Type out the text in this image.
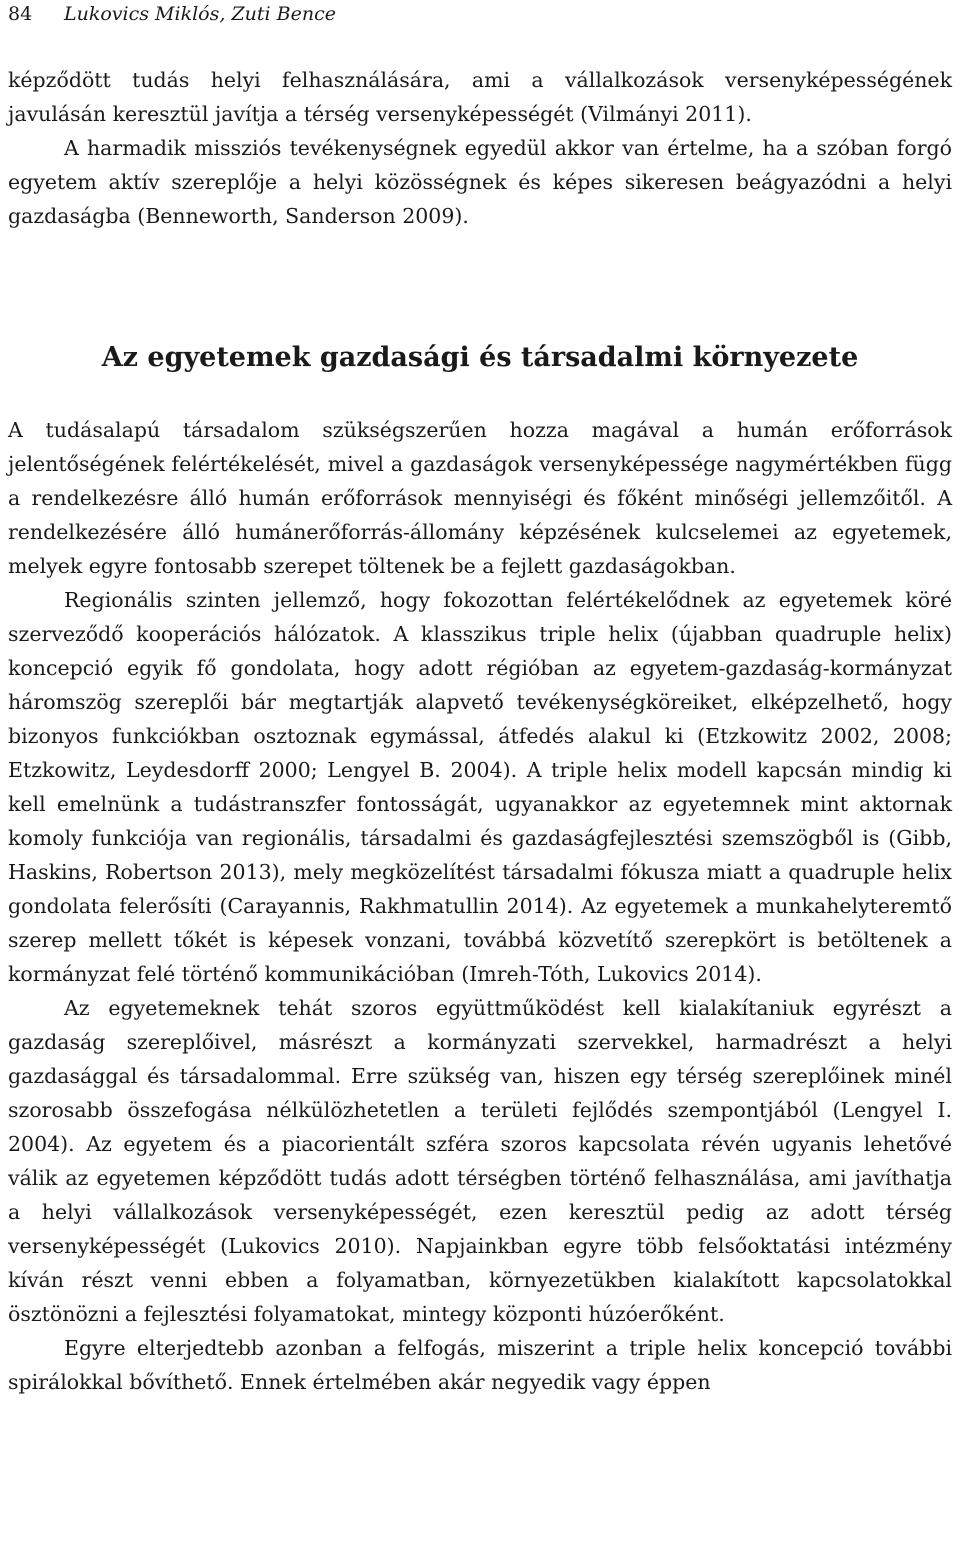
84 Lukovics Miklós, Zuti Bence

képződött tudás helyi felhasználására, ami a vállalkozások versenyképességének javulásán keresztül javítja a térség versenyképességét (Vilmányi 2011).

A harmadik missziós tevékenységnek egyedül akkor van értelme, ha a szóban forgó egyetem aktív szereplője a helyi közösségnek és képes sikeresen beágyazódni a helyi gazdaságba (Benneworth, Sanderson 2009).

Az egyetemek gazdasági és társadalmi környezete

A tudásalapú társadalom szükségszerűen hozza magával a humán erőforrások jelentőségének felértékelését, mivel a gazdaságok versenyképessége nagymértékben függ a rendelkezésre álló humán erőforrások mennyiségi és főként minőségi jellemzőitől. A rendelkezésére álló humánerőforrás-állomány képzésének kulcselemei az egyetemek, melyek egyre fontosabb szerepet töltenek be a fejlett gazdaságokban.

Regionális szinten jellemző, hogy fokozottan felértékelődnek az egyetemek köré szerveződő kooperációs hálózatok. A klasszikus triple helix (újabban quadruple helix) koncepció egyik fő gondolata, hogy adott régióban az egyetem-gazdaság-kormányzat háromszög szereplői bár megtartják alapvető tevékenységköreiket, elképzelhető, hogy bizonyos funkciókban osztoznak egymással, átfedés alakul ki (Etzkowitz 2002, 2008; Etzkowitz, Leydesdorff 2000; Lengyel B. 2004). A triple helix modell kapcsán mindig ki kell emelnünk a tudástranszfer fontosságát, ugyanakkor az egyetemnek mint aktornak komoly funkciója van regionális, társadalmi és gazdaságfejlesztési szemszögből is (Gibb, Haskins, Robertson 2013), mely megközelítést társadalmi fókusza miatt a quadruple helix gondolata felerősíti (Carayannis, Rakhmatullin 2014). Az egyetemek a munkahelyteremtő szerep mellett tőkét is képesek vonzani, továbbá közvetítő szerepkört is betöltenek a kormányzat felé történő kommunikációban (Imreh-Tóth, Lukovics 2014).

Az egyetemeknek tehát szoros együttműködést kell kialakítaniuk egyrészt a gazdaság szereplőivel, másrészt a kormányzati szervekkel, harmadrészt a helyi gazdasággal és társadalommal. Erre szükség van, hiszen egy térség szereplőinek minél szorosabb összefogása nélkülözhetetlen a területi fejlődés szempontjából (Lengyel I. 2004). Az egyetem és a piacorientált szféra szoros kapcsolata révén ugyanis lehetővé válik az egyetemen képződött tudás adott térségben történő felhasználása, ami javíthatja a helyi vállalkozások versenyképességét, ezen keresztül pedig az adott térség versenyképességét (Lukovics 2010). Napjainkban egyre több felsőoktatási intézmény kíván részt venni ebben a folyamatban, környezetükben kialakított kapcsolatokkal ösztönözni a fejlesztési folyamatokat, mintegy központi húzóerőként.

Egyre elterjedtebb azonban a felfogás, miszerint a triple helix koncepció további spirálokkal bővíthető. Ennek értelmében akár negyedik vagy éppen
